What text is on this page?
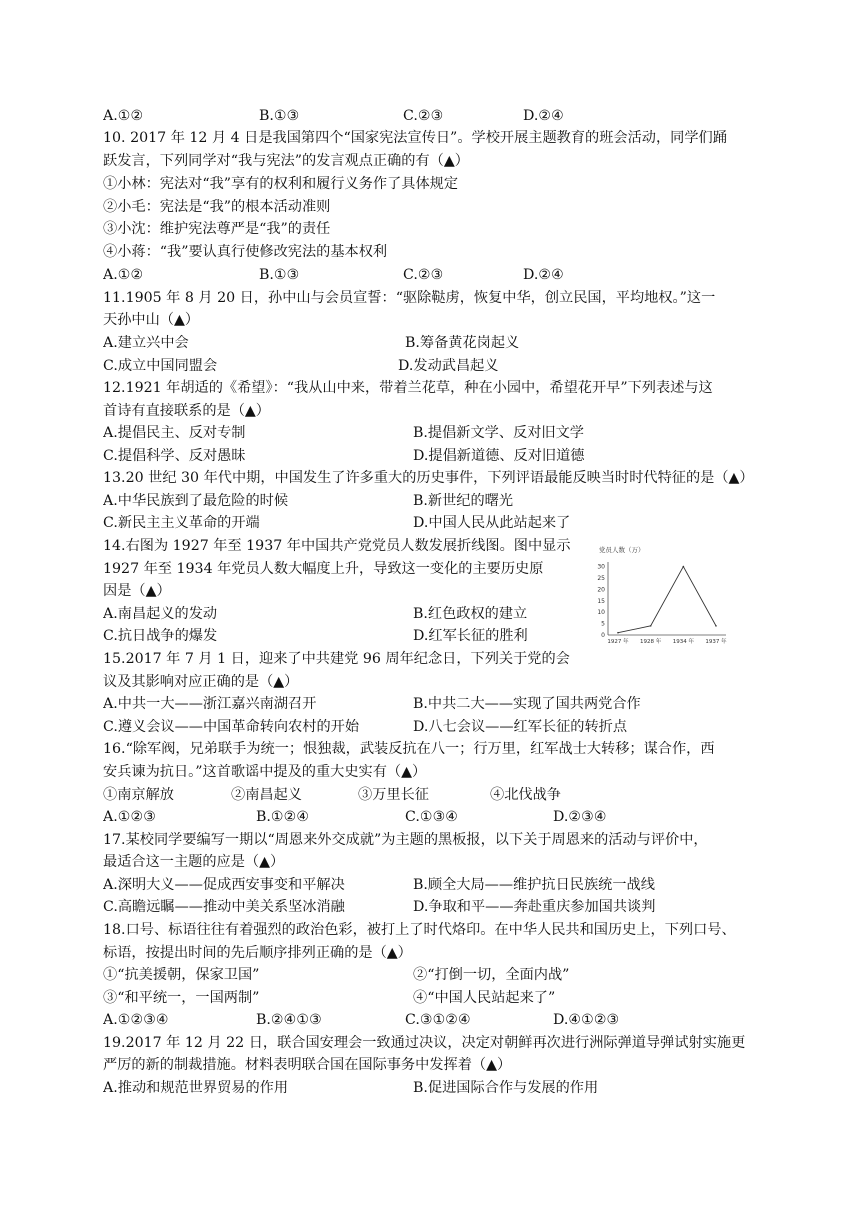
A.①②	B.①③	C.②③	D.②④
10. 2017 年 12 月 4 日是我国第四个“国家宪法宣传日”。学校开展主题教育的班会活动，同学们踊
跃发言，下列同学对“我与宪法”的发言观点正确的有（▲）
①小林：宪法对“我”享有的权利和履行义务作了具体规定
②小毛：宪法是“我”的根本活动准则
③小沈：维护宪法尊严是“我”的责任
④小蒋：“我”要认真行使修改宪法的基本权利
A.①②	B.①③	C.②③	D.②④
11.1905 年 8 月 20 日，孙中山与会员宣誓：“驱除鞑虏，恢复中华，创立民国，平均地权。”这一
天孙中山（▲）
A.建立兴中会	B.筹备黄花岗起义
C.成立中国同盟会	D.发动武昌起义
12.1921 年胡适的《希望》：“我从山中来，带着兰花草，种在小园中，希望花开早”下列表述与这
首诗有直接联系的是（▲）
A.提倡民主、反对专制	B.提倡新文学、反对旧文学
C.提倡科学、反对愚昧	D.提倡新道德、反对旧道德
13.20 世纪 30 年代中期，中国发生了许多重大的历史事件，下列评语最能反映当时时代特征的是（▲）
A.中华民族到了最危险的时候	B.新世纪的曙光
C.新民主主义革命的开端	D.中国人民从此站起来了
14.右图为 1927 年至 1937 年中国共产党党员人数发展折线图。图中显示
1927 年至 1934 年党员人数大幅度上升，导致这一变化的主要历史原
因是（▲）
A.南昌起义的发动	B.红色政权的建立
C.抗日战争的爆发	D.红军长征的胜利
党员人数（万）
0
5
10
15
20
25
30
1927 年 1928 年 1934 年 1937 年
15.2017 年 7 月 1 日，迎来了中共建党 96 周年纪念日，下列关于党的会
议及其影响对应正确的是（▲）
A.中共一大——浙江嘉兴南湖召开	B.中共二大——实现了国共两党合作
C.遵义会议——中国革命转向农村的开始	D.八七会议——红军长征的转折点
16.“除军阀，兄弟联手为统一；恨独裁，武装反抗在八一；行万里，红军战士大转移；谋合作，西
安兵谏为抗日。”这首歌谣中提及的重大史实有（▲）
①南京解放	②南昌起义	③万里长征	④北伐战争
A.①②③	B.①②④	C.①③④	D.②③④
17.某校同学要编写一期以“周恩来外交成就”为主题的黑板报，以下关于周恩来的活动与评价中，
最适合这一主题的应是（▲）
A.深明大义——促成西安事变和平解决	B.顾全大局——维护抗日民族统一战线
C.高瞻远瞩——推动中美关系坚冰消融	D.争取和平——奔赴重庆参加国共谈判
18.口号、标语往往有着强烈的政治色彩，被打上了时代烙印。在中华人民共和国历史上，下列口号、
标语，按提出时间的先后顺序排列正确的是（▲）
①“抗美援朝，保家卫国”	②“打倒一切，全面内战”
③“和平统一，一国两制”	④“中国人民站起来了”
A.①②③④	B.②④①③	C.③①②④	D.④①②③
19.2017 年 12 月 22 日，联合国安理会一致通过决议，决定对朝鲜再次进行洲际弹道导弹试射实施更
严厉的新的制裁措施。材料表明联合国在国际事务中发挥着（▲）
A.推动和规范世界贸易的作用	B.促进国际合作与发展的作用
